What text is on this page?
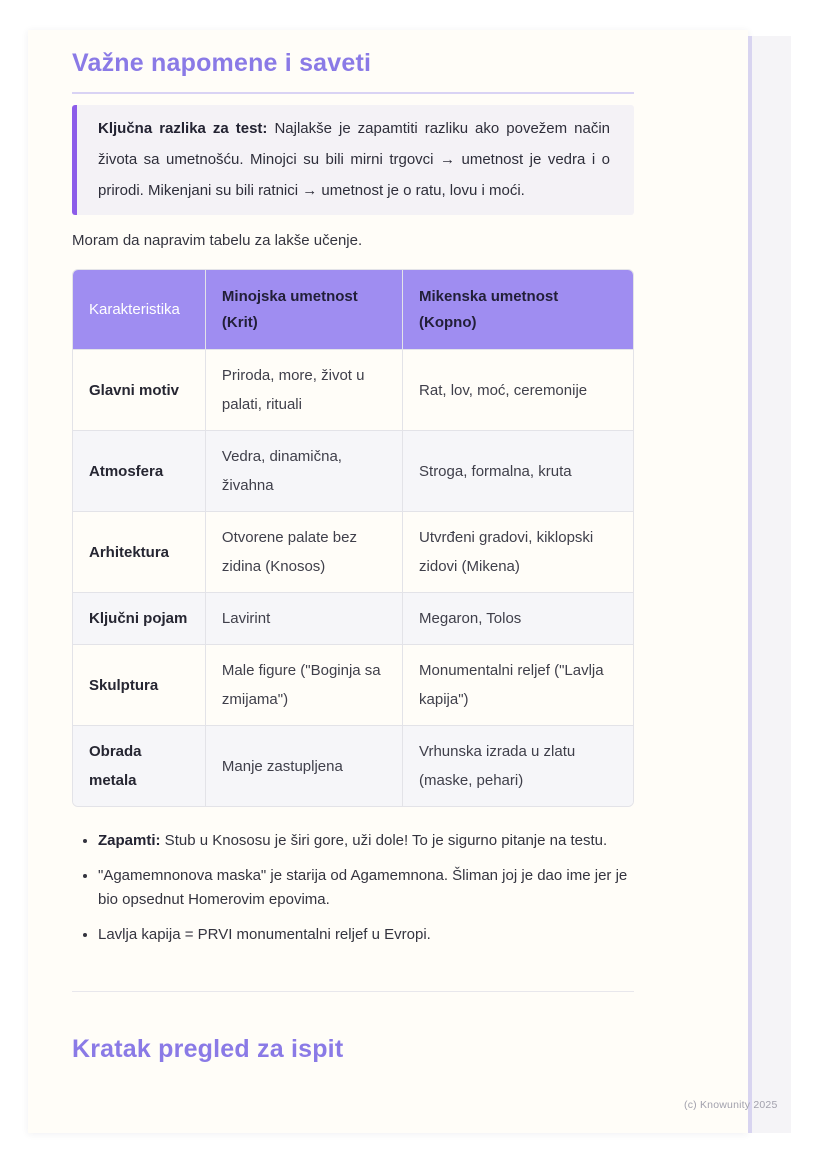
Važne napomene i saveti

Ključna razlika za test: Najlakše je zapamtiti razliku ako povežem način života sa umetnošću. Minojci su bili mirni trgovci → umetnost je vedra i o prirodi. Mikenjani su bili ratnici → umetnost je o ratu, lovu i moći.

Moram da napravim tabelu za lakše učenje.

Karakteristika	Minojska umetnost (Krit)	Mikenska umetnost (Kopno)
Glavni motiv	Priroda, more, život u palati, rituali	Rat, lov, moć, ceremonije
Atmosfera	Vedra, dinamična, živahna	Stroga, formalna, kruta
Arhitektura	Otvorene palate bez zidina (Knosos)	Utvrđeni gradovi, kiklopski zidovi (Mikena)
Ključni pojam	Lavirint	Megaron, Tolos
Skulptura	Male figure ("Boginja sa zmijama")	Monumentalni reljef ("Lavlja kapija")
Obrada metala	Manje zastupljena	Vrhunska izrada u zlatu (maske, pehari)
• Zapamti: Stub u Knososu je širi gore, uži dole! To je sigurno pitanje na testu.
• "Agamemnonova maska" je starija od Agamemnona. Šliman joj je dao ime jer je bio opsednut Homerovim epovima.
• Lavlja kapija = PRVI monumentalni reljef u Evropi.
Kratak pregled za ispit
(c) Knowunity 2025
